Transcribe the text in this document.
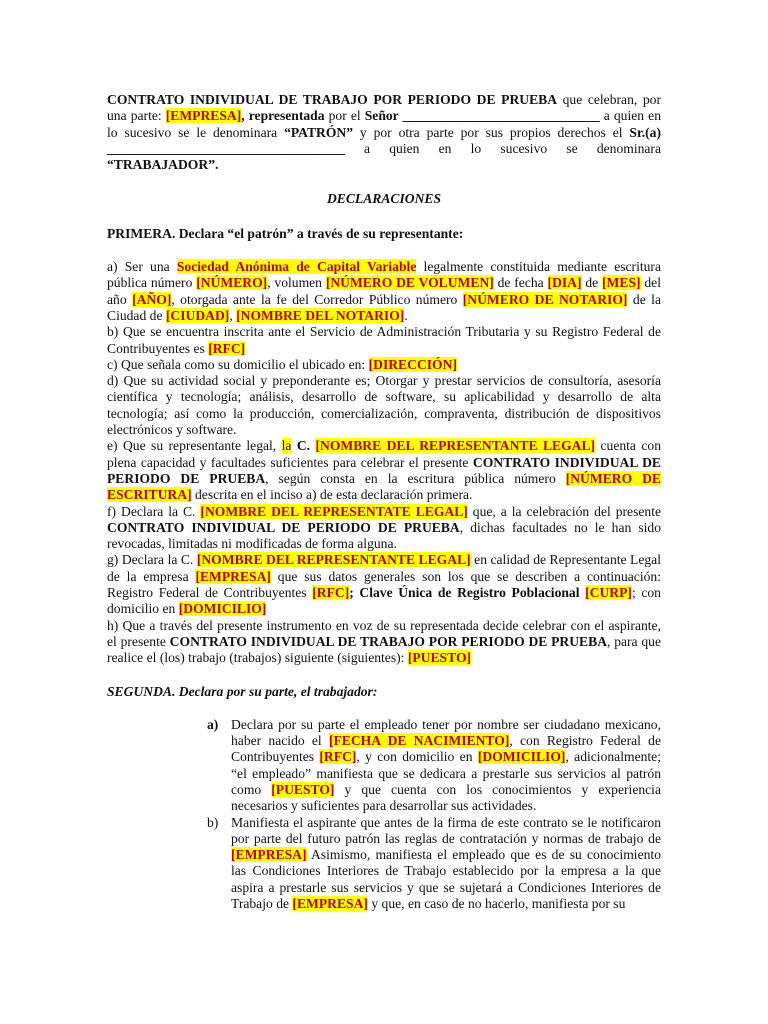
CONTRATO INDIVIDUAL DE TRABAJO POR PERIODO DE PRUEBA que celebran, por una parte: [EMPRESA], representada por el Señor _____________________________ a quien en lo sucesivo se le denominara “PATRÓN” y por otra parte por sus propios derechos el Sr.(a) ___________________________________ a quien en lo sucesivo se denominara “TRABAJADOR”.

DECLARACIONES

PRIMERA. Declara “el patrón” a través de su representante:

a) Ser una Sociedad Anónima de Capital Variable legalmente constituida mediante escritura pública número [NÚMERO], volumen [NÚMERO DE VOLUMEN] de fecha [DIA] de [MES] del año [AÑO], otorgada ante la fe del Corredor Público número [NÚMERO DE NOTARIO] de la Ciudad de [CIUDAD], [NOMBRE DEL NOTARIO].

b) Que se encuentra inscrita ante el Servicio de Administración Tributaria y su Registro Federal de Contribuyentes es [RFC]

c) Que señala como su domicilio el ubicado en: [DIRECCIÓN]

d) Que su actividad social y preponderante es; Otorgar y prestar servicios de consultoría, asesoría científica y tecnología; análisis, desarrollo de software, su aplicabilidad y desarrollo de alta tecnología; así como la producción, comercialización, compraventa, distribución de dispositivos electrónicos y software.

e) Que su representante legal, la C. [NOMBRE DEL REPRESENTANTE LEGAL] cuenta con plena capacidad y facultades suficientes para celebrar el presente CONTRATO INDIVIDUAL DE PERIODO DE PRUEBA, según consta en la escritura pública número [NÚMERO DE ESCRITURA] descrita en el inciso a) de esta declaración primera.

f) Declara la C. [NOMBRE DEL REPRESENTATE LEGAL] que, a la celebración del presente CONTRATO INDIVIDUAL DE PERIODO DE PRUEBA, dichas facultades no le han sido revocadas, limitadas ni modificadas de forma alguna.

g) Declara la C. [NOMBRE DEL REPRESENTANTE LEGAL] en calidad de Representante Legal de la empresa [EMPRESA] que sus datos generales son los que se describen a continuación: Registro Federal de Contribuyentes [RFC]; Clave Única de Registro Poblacional [CURP]; con domicilio en [DOMICILIO]

h) Que a través del presente instrumento en voz de su representada decide celebrar con el aspirante, el presente CONTRATO INDIVIDUAL DE TRABAJO POR PERIODO DE PRUEBA, para que realice el (los) trabajo (trabajos) siguiente (siguientes): [PUESTO]

SEGUNDA. Declara por su parte, el trabajador:

a) Declara por su parte el empleado tener por nombre ser ciudadano mexicano, haber nacido el [FECHA DE NACIMIENTO], con Registro Federal de Contribuyentes [RFC], y con domicilio en [DOMICILIO], adicionalmente; “el empleado” manifiesta que se dedicara a prestarle sus servicios al patrón como [PUESTO] y que cuenta con los conocimientos y experiencia necesarios y suficientes para desarrollar sus actividades.
b) Manifiesta el aspirante que antes de la firma de este contrato se le notificaron por parte del futuro patrón las reglas de contratación y normas de trabajo de [EMPRESA] Asimismo, manifiesta el empleado que es de su conocimiento las Condiciones Interiores de Trabajo establecido por la empresa a la que aspira a prestarle sus servicios y que se sujetará a Condiciones Interiores de Trabajo de [EMPRESA] y que, en caso de no hacerlo, manifiesta por su
